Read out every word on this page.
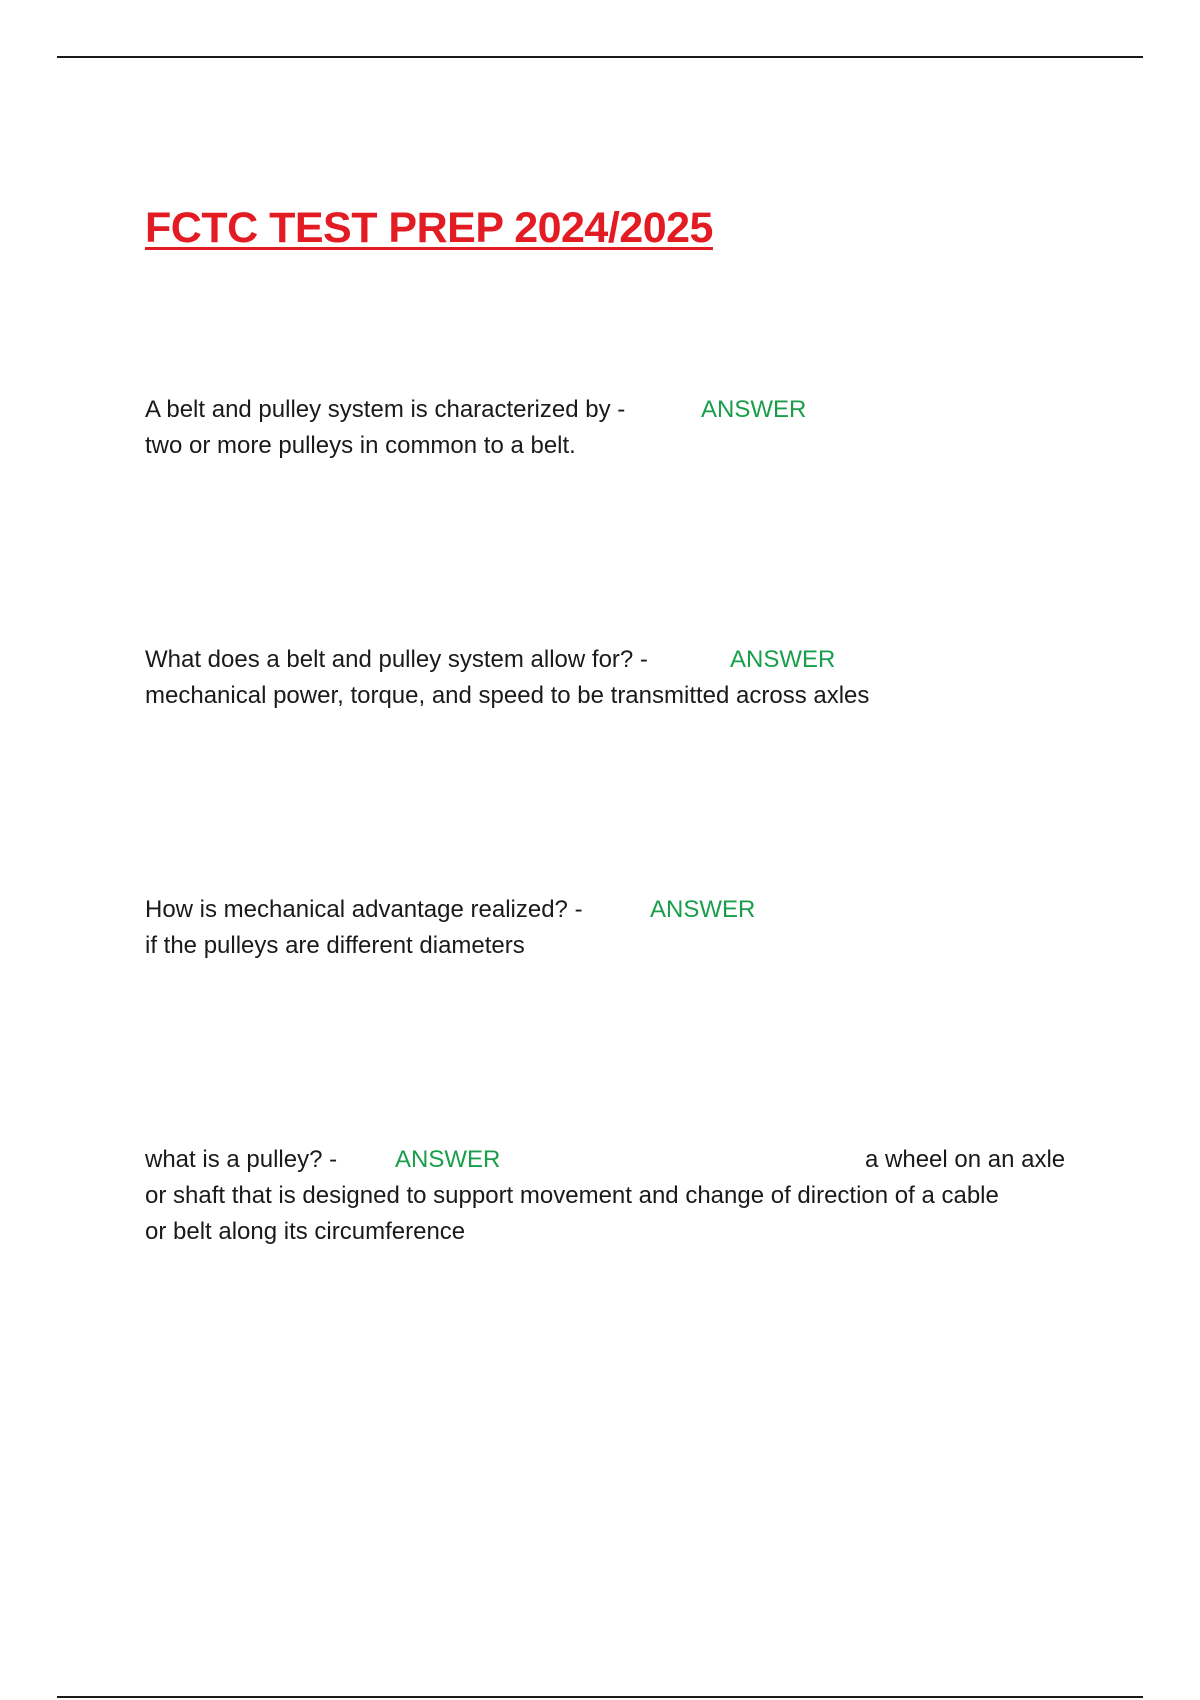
FCTC TEST PREP 2024/2025
A belt and pulley system is characterized by -	ANSWER
two or more pulleys in common to a belt.
What does a belt and pulley system allow for? -	ANSWER
mechanical power, torque, and speed to be transmitted across axles
How is mechanical advantage realized? -	ANSWER
if the pulleys are different diameters
what is a pulley? - ANSWER	a wheel on an axle
or shaft that is designed to support movement and change of direction of a cable
or belt along its circumference
